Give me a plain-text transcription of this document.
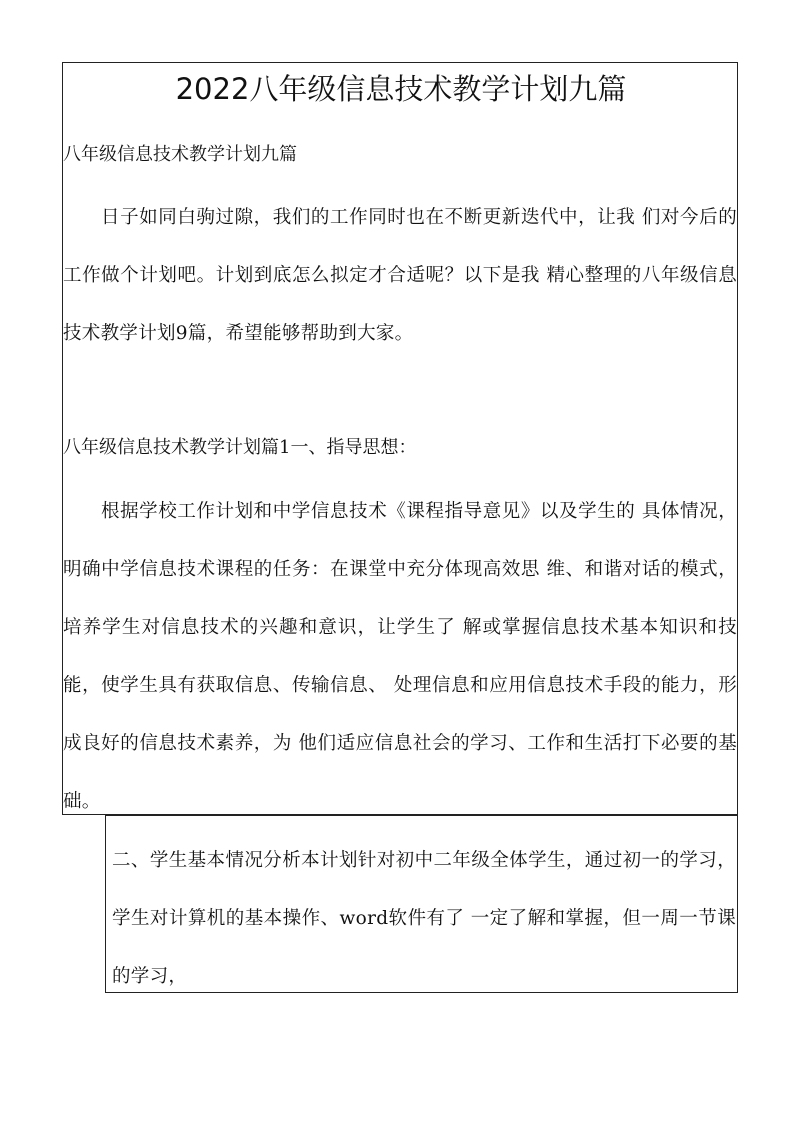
2022八年级信息技术教学计划九篇
八年级信息技术教学计划九篇
日子如同白驹过隙，我们的工作同时也在不断更新迭代中，让我 们对今后的工作做个计划吧。计划到底怎么拟定才合适呢？以下是我 精心整理的八年级信息技术教学计划9篇，希望能够帮助到大家。
八年级信息技术教学计划篇1一、指导思想：
根据学校工作计划和中学信息技术《课程指导意见》以及学生的 具体情况，明确中学信息技术课程的任务：在课堂中充分体现高效思 维、和谐对话的模式，培养学生对信息技术的兴趣和意识，让学生了 解或掌握信息技术基本知识和技能，使学生具有获取信息、传输信息、 处理信息和应用信息技术手段的能力，形成良好的信息技术素养，为 他们适应信息社会的学习、工作和生活打下必要的基础。
二、学生基本情况分析本计划针对初中二年级全体学生，通过初一的学习，学生对计算机的基本操作、word软件有了 一定了解和掌握，但一周一节课的学习，
